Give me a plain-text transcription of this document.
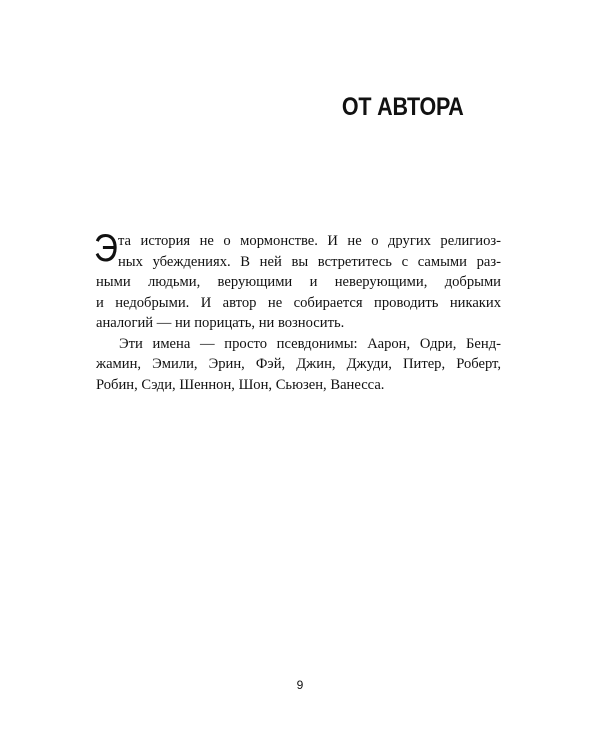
ОТ АВТОРА
Э та история не о мормонстве. И не о других религиоз-
ных убеждениях. В ней вы встретитесь с самыми раз-
ными людьми, верующими и неверующими, добрыми
и недобрыми. И автор не собирается проводить никаких
аналогий — ни порицать, ни возносить.
Эти имена — просто псевдонимы: Аарон, Одри, Бенд-
жамин, Эмили, Эрин, Фэй, Джин, Джуди, Питер, Роберт,
Робин, Сэди, Шеннон, Шон, Сьюзен, Ванесса.
9
